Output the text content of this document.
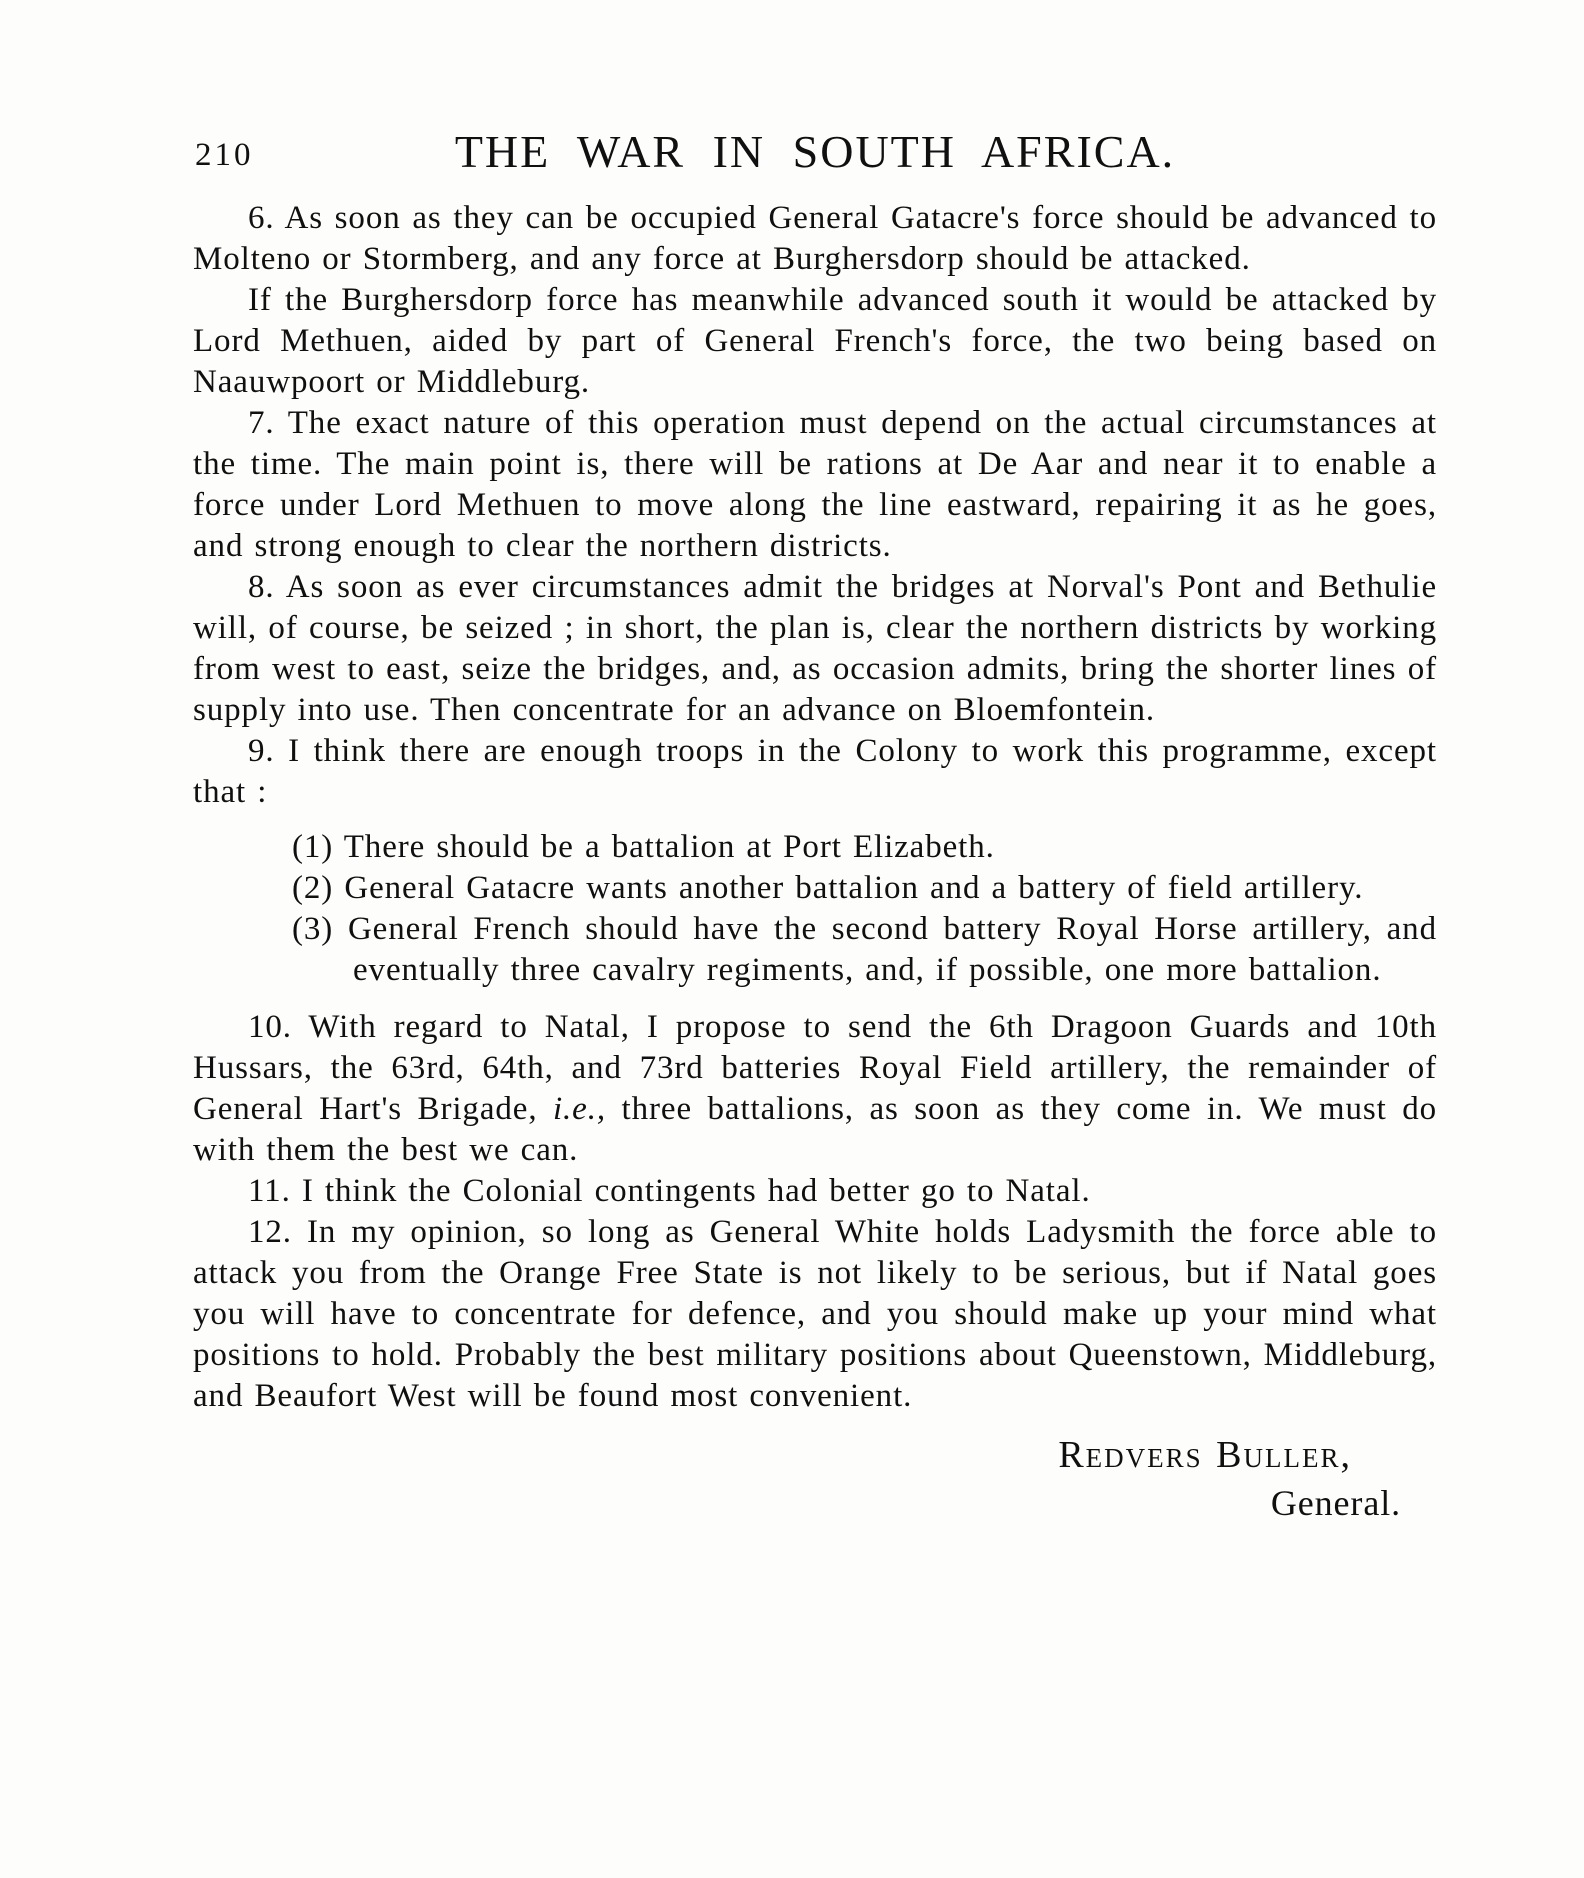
210	THE WAR IN SOUTH AFRICA.

6. As soon as they can be occupied General Gatacre's force should be advanced to Molteno or Stormberg, and any force at Burghersdorp should be attacked.

If the Burghersdorp force has meanwhile advanced south it would be attacked by Lord Methuen, aided by part of General French's force, the two being based on Naauwpoort or Middleburg.

7. The exact nature of this operation must depend on the actual circumstances at the time. The main point is, there will be rations at De Aar and near it to enable a force under Lord Methuen to move along the line eastward, repairing it as he goes, and strong enough to clear the northern districts.

8. As soon as ever circumstances admit the bridges at Norval's Pont and Bethulie will, of course, be seized ; in short, the plan is, clear the northern districts by working from west to east, seize the bridges, and, as occasion admits, bring the shorter lines of supply into use. Then concentrate for an advance on Bloemfontein.

9. I think there are enough troops in the Colony to work this programme, except that :

(1) There should be a battalion at Port Elizabeth.
(2) General Gatacre wants another battalion and a battery of field artillery.
(3) General French should have the second battery Royal Horse artillery, and eventually three cavalry regiments, and, if possible, one more battalion.

10. With regard to Natal, I propose to send the 6th Dragoon Guards and 10th Hussars, the 63rd, 64th, and 73rd batteries Royal Field artillery, the remainder of General Hart's Brigade, i.e., three battalions, as soon as they come in. We must do with them the best we can.

11. I think the Colonial contingents had better go to Natal.

12. In my opinion, so long as General White holds Ladysmith the force able to attack you from the Orange Free State is not likely to be serious, but if Natal goes you will have to concentrate for defence, and you should make up your mind what positions to hold. Probably the best military positions about Queenstown, Middleburg, and Beaufort West will be found most convenient.

Redvers Buller,
General.
